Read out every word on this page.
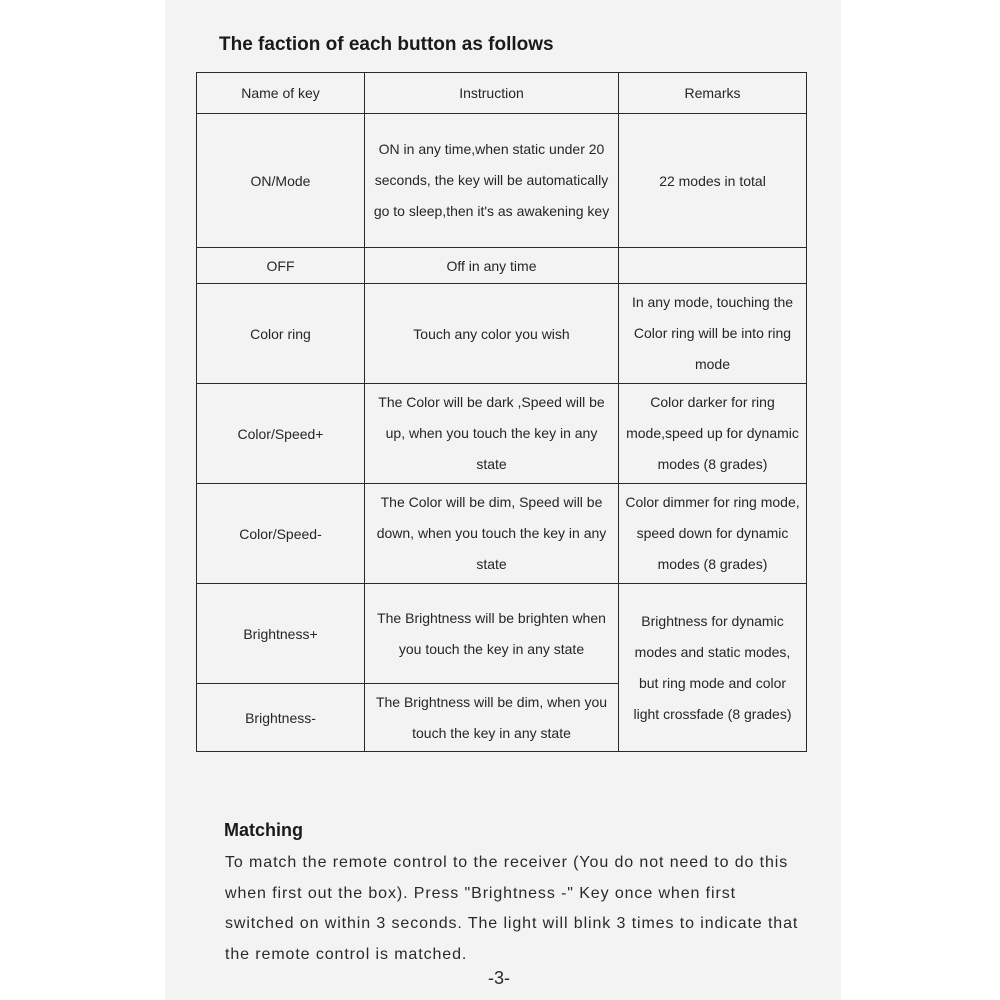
The faction of each button as follows
Name of key	Instruction	Remarks
ON/Mode	ON in any time,when static under 20 seconds, the key will be automatically go to sleep,then it's as awakening key	22 modes in total
OFF	Off in any time	
Color ring	Touch any color you wish	In any mode, touching the Color ring will be into ring mode
Color/Speed+	The Color will be dark ,Speed will be up, when you touch the key in any state	Color darker for ring mode,speed up for dynamic modes (8 grades)
Color/Speed-	The Color will be dim, Speed will be down, when you touch the key in any state	Color dimmer for ring mode, speed down for dynamic modes (8 grades)
Brightness+	The Brightness will be brighten when you touch the key in any state	Brightness for dynamic modes and static modes, but ring mode and color light crossfade (8 grades)
Brightness-	The Brightness will be dim, when you touch the key in any state	
Matching

To match the remote control to the receiver (You do not need to do this when first out the box). Press "Brightness -" Key once when first switched on within 3 seconds. The light will blink 3 times to indicate that the remote control is matched.

-3-
